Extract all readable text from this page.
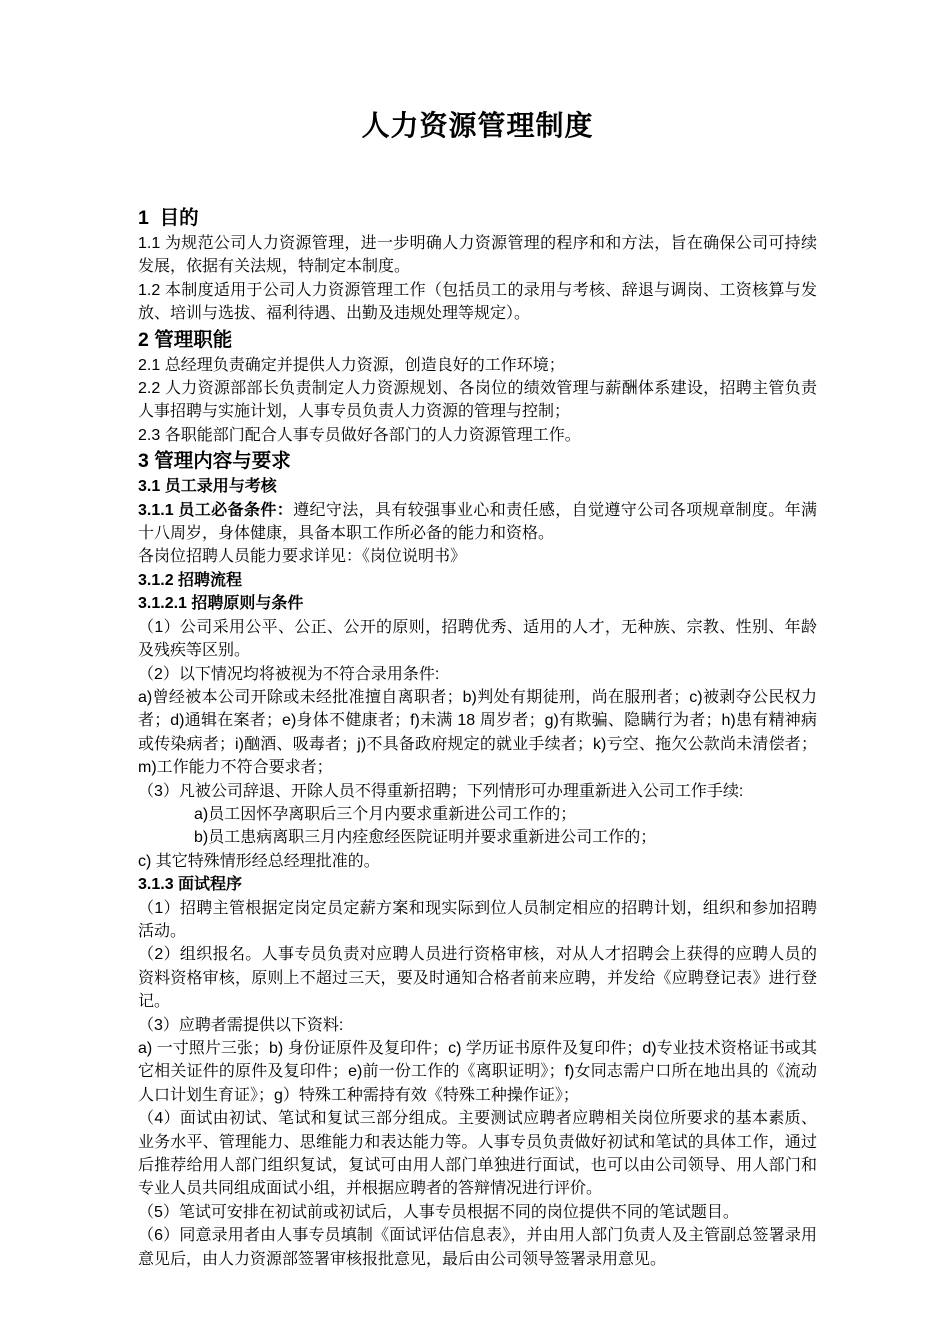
人力资源管理制度
1  目的

1.1 为规范公司人力资源管理，进一步明确人力资源管理的程序和和方法，旨在确保公司可持续发展，依据有关法规，特制定本制度。

1.2 本制度适用于公司人力资源管理工作（包括员工的录用与考核、辞退与调岗、工资核算与发放、培训与选拔、福利待遇、出勤及违规处理等规定）。

2 管理职能

2.1 总经理负责确定并提供人力资源，创造良好的工作环境；

2.2 人力资源部部长负责制定人力资源规划、各岗位的绩效管理与薪酬体系建设，招聘主管负责人事招聘与实施计划，人事专员负责人力资源的管理与控制；

2.3 各职能部门配合人事专员做好各部门的人力资源管理工作。

3 管理内容与要求
3.1 员工录用与考核

3.1.1 员工必备条件：遵纪守法，具有较强事业心和责任感，自觉遵守公司各项规章制度。年满十八周岁，身体健康，具备本职工作所必备的能力和资格。

各岗位招聘人员能力要求详见：《岗位说明书》

3.1.2 招聘流程
3.1.2.1 招聘原则与条件

（1）公司采用公平、公正、公开的原则，招聘优秀、适用的人才，无种族、宗教、性别、年龄及残疾等区别。

（2）以下情况均将被视为不符合录用条件:

a)曾经被本公司开除或未经批准擅自离职者；b)判处有期徒刑，尚在服刑者；c)被剥夺公民权力者；d)通辑在案者；e)身体不健康者；f)未满 18 周岁者；g)有欺骗、隐瞒行为者；h)患有精神病或传染病者；i)酗酒、吸毒者；j)不具备政府规定的就业手续者；k)亏空、拖欠公款尚未清偿者；m)工作能力不符合要求者；

（3）凡被公司辞退、开除人员不得重新招聘；下列情形可办理重新进入公司工作手续:

a)员工因怀孕离职后三个月内要求重新进公司工作的；

b)员工患病离职三月内痊愈经医院证明并要求重新进公司工作的；

c) 其它特殊情形经总经理批准的。

3.1.3 面试程序

（1）招聘主管根据定岗定员定薪方案和现实际到位人员制定相应的招聘计划，组织和参加招聘活动。

（2）组织报名。人事专员负责对应聘人员进行资格审核，对从人才招聘会上获得的应聘人员的资料资格审核，原则上不超过三天，要及时通知合格者前来应聘，并发给《应聘登记表》进行登记。

（3）应聘者需提供以下资料:

a) 一寸照片三张；b) 身份证原件及复印件；c) 学历证书原件及复印件；d)专业技术资格证书或其它相关证件的原件及复印件；e)前一份工作的《离职证明》；f)女同志需户口所在地出具的《流动人口计划生育证》；g）特殊工种需持有效《特殊工种操作证》；

（4）面试由初试、笔试和复试三部分组成。主要测试应聘者应聘相关岗位所要求的基本素质、业务水平、管理能力、思维能力和表达能力等。人事专员负责做好初试和笔试的具体工作，通过后推荐给用人部门组织复试，复试可由用人部门单独进行面试，也可以由公司领导、用人部门和专业人员共同组成面试小组，并根据应聘者的答辩情况进行评价。

（5）笔试可安排在初试前或初试后，人事专员根据不同的岗位提供不同的笔试题目。

（6）同意录用者由人事专员填制《面试评估信息表》，并由用人部门负责人及主管副总签署录用意见后，由人力资源部签署审核报批意见，最后由公司领导签署录用意见。
